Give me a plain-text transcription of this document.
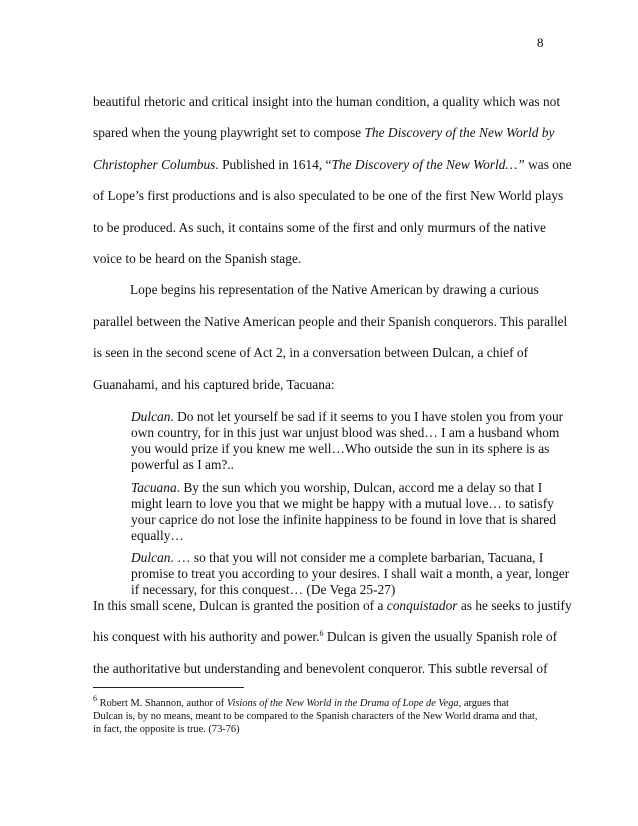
8
beautiful rhetoric and critical insight into the human condition, a quality which was not
spared when the young playwright set to compose The Discovery of the New World by
Christopher Columbus. Published in 1614, “The Discovery of the New World…” was one
of Lope’s first productions and is also speculated to be one of the first New World plays
to be produced. As such, it contains some of the first and only murmurs of the native
voice to be heard on the Spanish stage.
Lope begins his representation of the Native American by drawing a curious
parallel between the Native American people and their Spanish conquerors. This parallel
is seen in the second scene of Act 2, in a conversation between Dulcan, a chief of
Guanahami, and his captured bride, Tacuana:
Dulcan. Do not let yourself be sad if it seems to you I have stolen you from your
own country, for in this just war unjust blood was shed… I am a husband whom
you would prize if you knew me well…Who outside the sun in its sphere is as
powerful as I am?..
Tacuana. By the sun which you worship, Dulcan, accord me a delay so that I
might learn to love you that we might be happy with a mutual love… to satisfy
your caprice do not lose the infinite happiness to be found in love that is shared
equally…
Dulcan. … so that you will not consider me a complete barbarian, Tacuana, I
promise to treat you according to your desires. I shall wait a month, a year, longer
if necessary, for this conquest… (De Vega 25-27)
In this small scene, Dulcan is granted the position of a conquistador as he seeks to justify
his conquest with his authority and power.$^6$ Dulcan is given the usually Spanish role of
the authoritative but understanding and benevolent conqueror. This subtle reversal of
$^6$ Robert M. Shannon, author of Visions of the New World in the Drama of Lope de Vega, argues that
Dulcan is, by no means, meant to be compared to the Spanish characters of the New World drama and that,
in fact, the opposite is true. (73-76)
